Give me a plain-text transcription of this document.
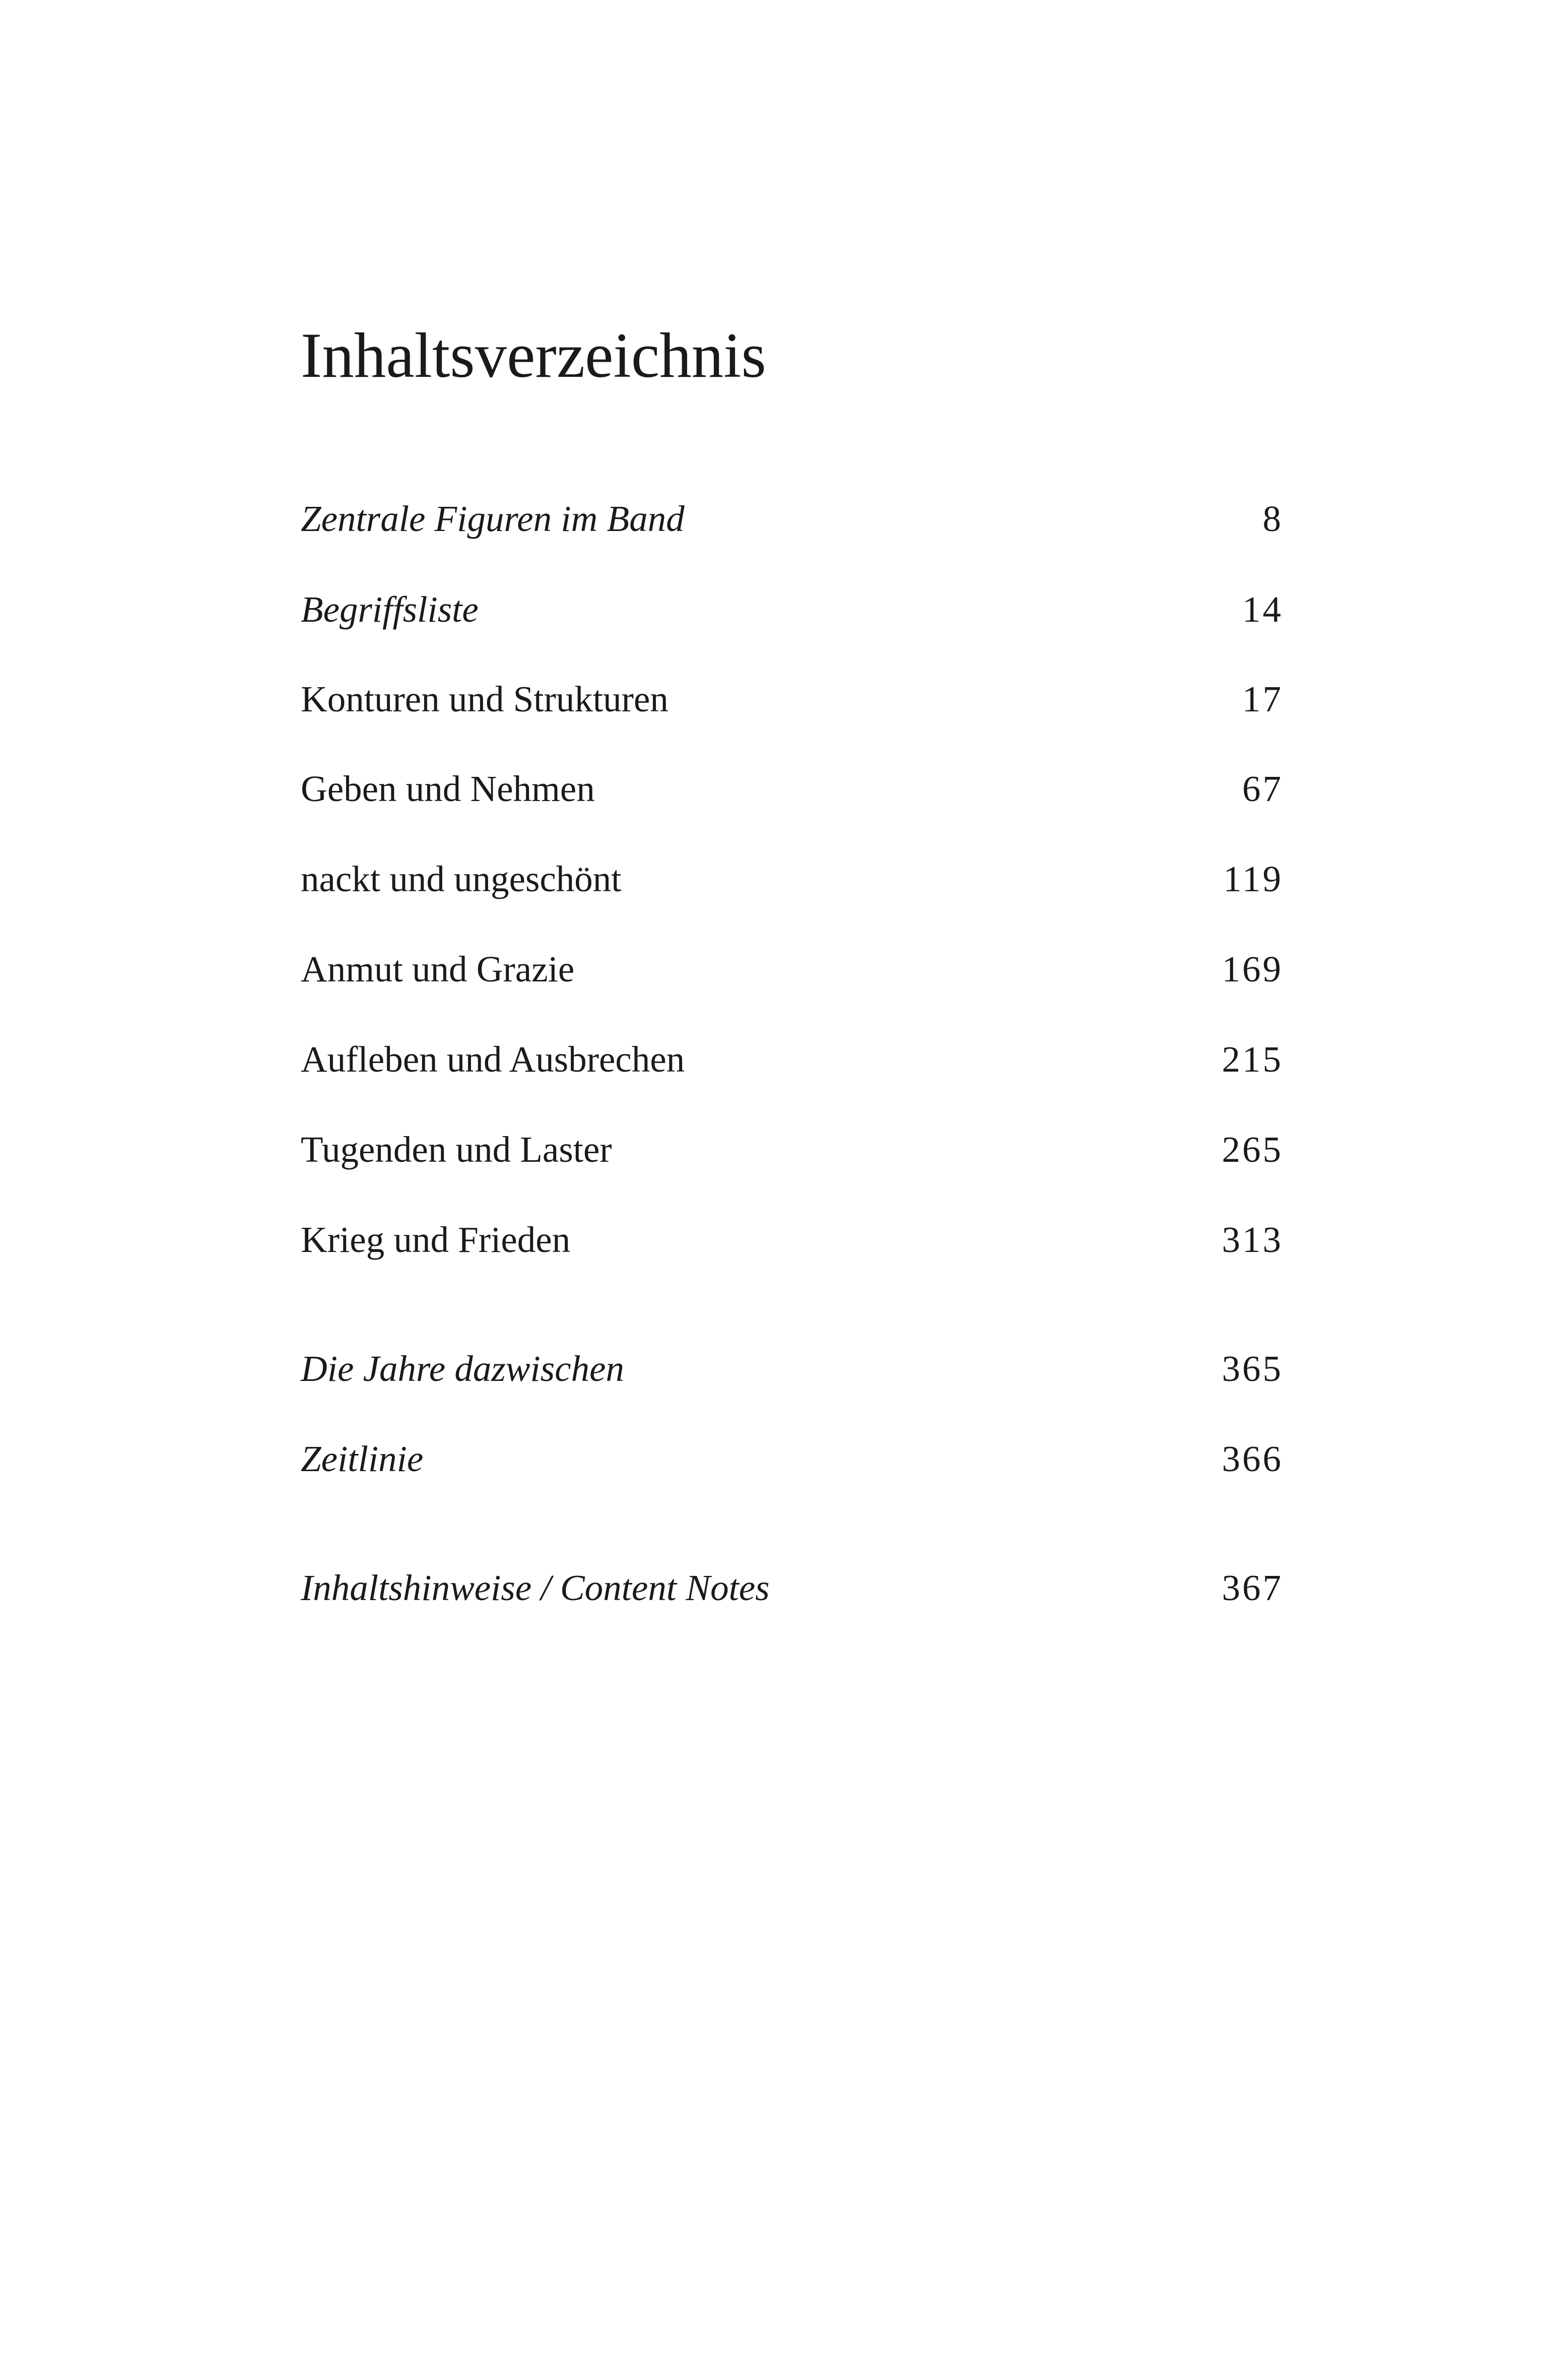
Inhaltsverzeichnis
Zentrale Figuren im Band	8
Begriffsliste	14
Konturen und Strukturen	17
Geben und Nehmen	67
nackt und ungeschönt	119
Anmut und Grazie	169
Aufleben und Ausbrechen	215
Tugenden und Laster	265
Krieg und Frieden	313
Die Jahre dazwischen	365
Zeitlinie	366
Inhaltshinweise / Content Notes	367
